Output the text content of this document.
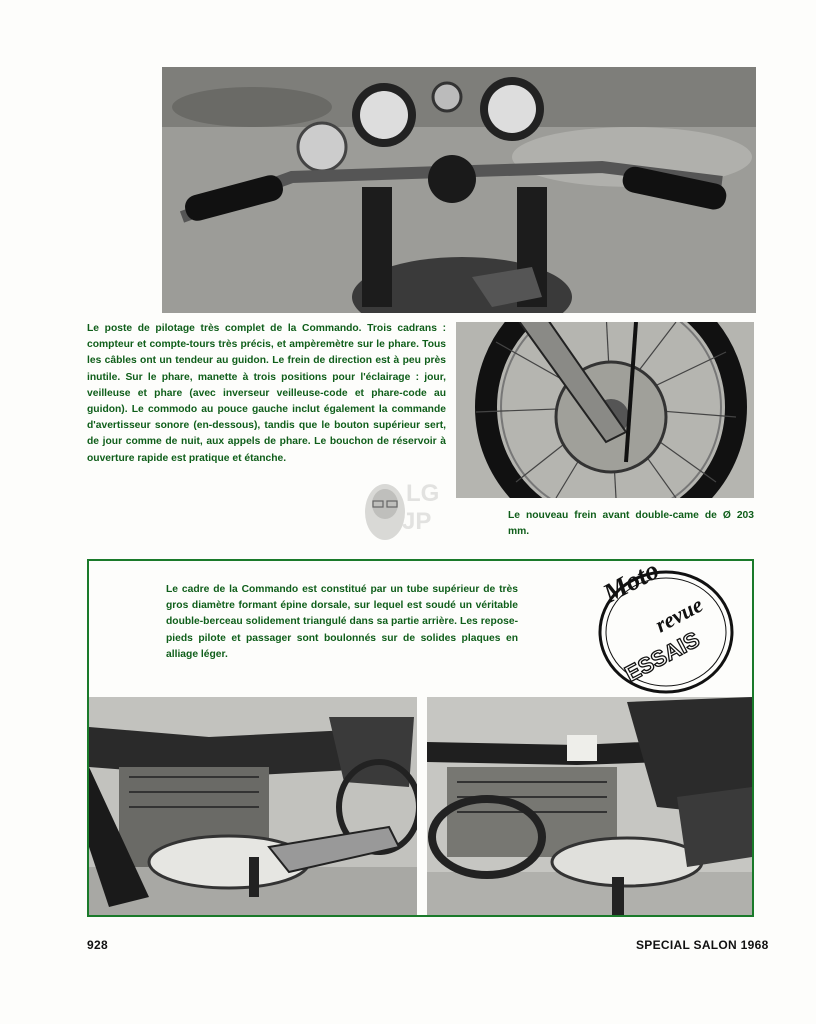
Le poste de pilotage très complet de la Commando. Trois cadrans : compteur et compte-tours très précis, et ampèremètre sur le phare. Tous les câbles ont un tendeur au guidon. Le frein de direction est à peu près inutile. Sur le phare, manette à trois positions pour l'éclairage : jour, veilleuse et phare (avec inverseur veilleuse-code et phare-code au guidon). Le commodo au pouce gauche inclut également la commande d'avertisseur sonore (en-dessous), tandis que le bouton supérieur sert, de jour comme de nuit, aux appels de phare. Le bouchon de réservoir à ouverture rapide est pratique et étanche.

LG
JP	Le nouveau frein avant double-came de Ø 203 mm.

Le cadre de la Commando est constitué par un tube supérieur de très gros diamètre formant épine dorsale, sur lequel est soudé un véritable double-berceau solidement triangulé dans sa partie arrière. Les repose-pieds pilote et passager sont boulonnés sur de solides plaques en alliage léger.

Moto
revue
ESSAIS
928	SPECIAL SALON 1968
